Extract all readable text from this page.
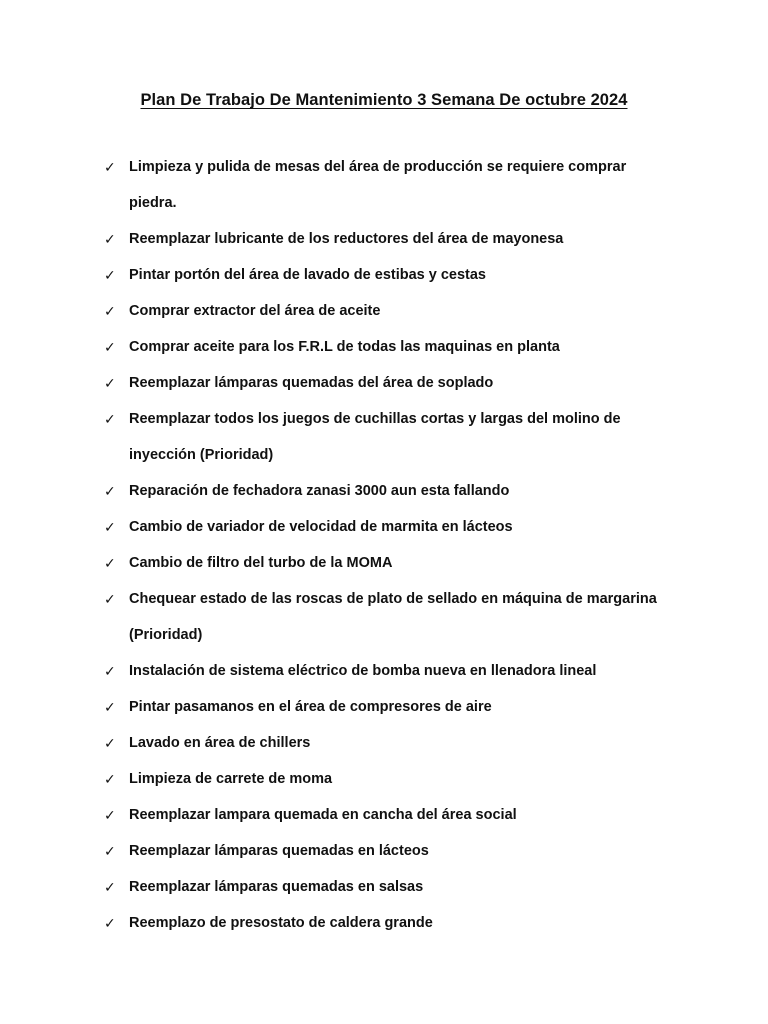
Plan De Trabajo De Mantenimiento 3 Semana De octubre 2024
✓ Limpieza y pulida de mesas del área de producción se requiere comprar piedra.
✓ Reemplazar lubricante de los reductores del área de mayonesa
✓ Pintar portón del área de lavado de estibas y cestas
✓ Comprar extractor del área de aceite
✓ Comprar aceite para los F.R.L de todas las maquinas en planta
✓ Reemplazar lámparas quemadas del área de soplado
✓ Reemplazar todos los juegos de cuchillas cortas y largas del molino de inyección (Prioridad)
✓ Reparación de fechadora zanasi 3000 aun esta fallando
✓ Cambio de variador de velocidad de marmita en lácteos
✓ Cambio de filtro del turbo de la MOMA
✓ Chequear estado de las roscas de plato de sellado en máquina de margarina (Prioridad)
✓ Instalación de sistema eléctrico de bomba nueva en llenadora lineal
✓ Pintar pasamanos en el área de compresores de aire
✓ Lavado en área de chillers
✓ Limpieza de carrete de moma
✓ Reemplazar lampara quemada en cancha del área social
✓ Reemplazar lámparas quemadas en lácteos
✓ Reemplazar lámparas quemadas en salsas
✓ Reemplazo de presostato de caldera grande
